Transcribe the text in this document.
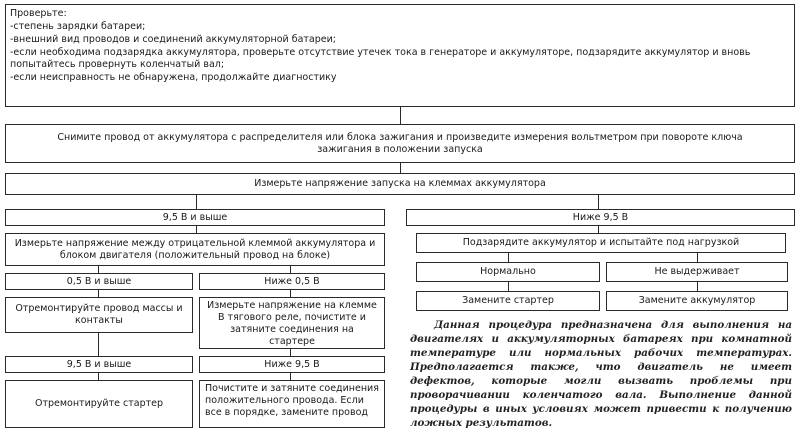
Проверьте:
-степень зарядки батареи;
-внешний вид проводов и соединений аккумуляторной батареи;
-если необходима подзарядка аккумулятора, проверьте отсутствие утечек тока в генераторе и аккумуляторе, подзарядите аккумулятор и вновь попытайтесь провернуть коленчатый вал;
-если неисправность не обнаружена, продолжайте диагностику
Снимите провод от аккумулятора с распределителя или блока зажигания и произведите измерения вольтметром при повороте ключа зажигания в положении запуска
Измерьте напряжение запуска на клеммах аккумулятора
9,5 В и выше
Измерьте напряжение между отрицательной клеммой аккумулятора и блоком двигателя (положительный провод на блоке)
0,5 В и выше	Ниже 0,5 В
Отремонтируйте провод массы и контакты
Измерьте напряжение на клемме В тягового реле, почистите и затяните соединения на стартере
9,5 В и выше	Ниже 9,5 В
Отремонтируйте стартер
Почистите и затяните соединения положительного провода. Если все в порядке, замените провод
Ниже 9,5 В
Подзарядите аккумулятор и испытайте под нагрузкой
Нормально	Не выдерживает
Замените стартер	Замените аккумулятор
Данная процедура предназначена для выполнения на двигателях и аккумуляторных батареях при комнатной температуре или нормальных рабочих температурах. Предполагается также, что двигатель не имеет дефектов, которые могли вызвать проблемы при проворачивании коленчатого вала. Выполнение данной процедуры в иных условиях может привести к получению ложных результатов.
